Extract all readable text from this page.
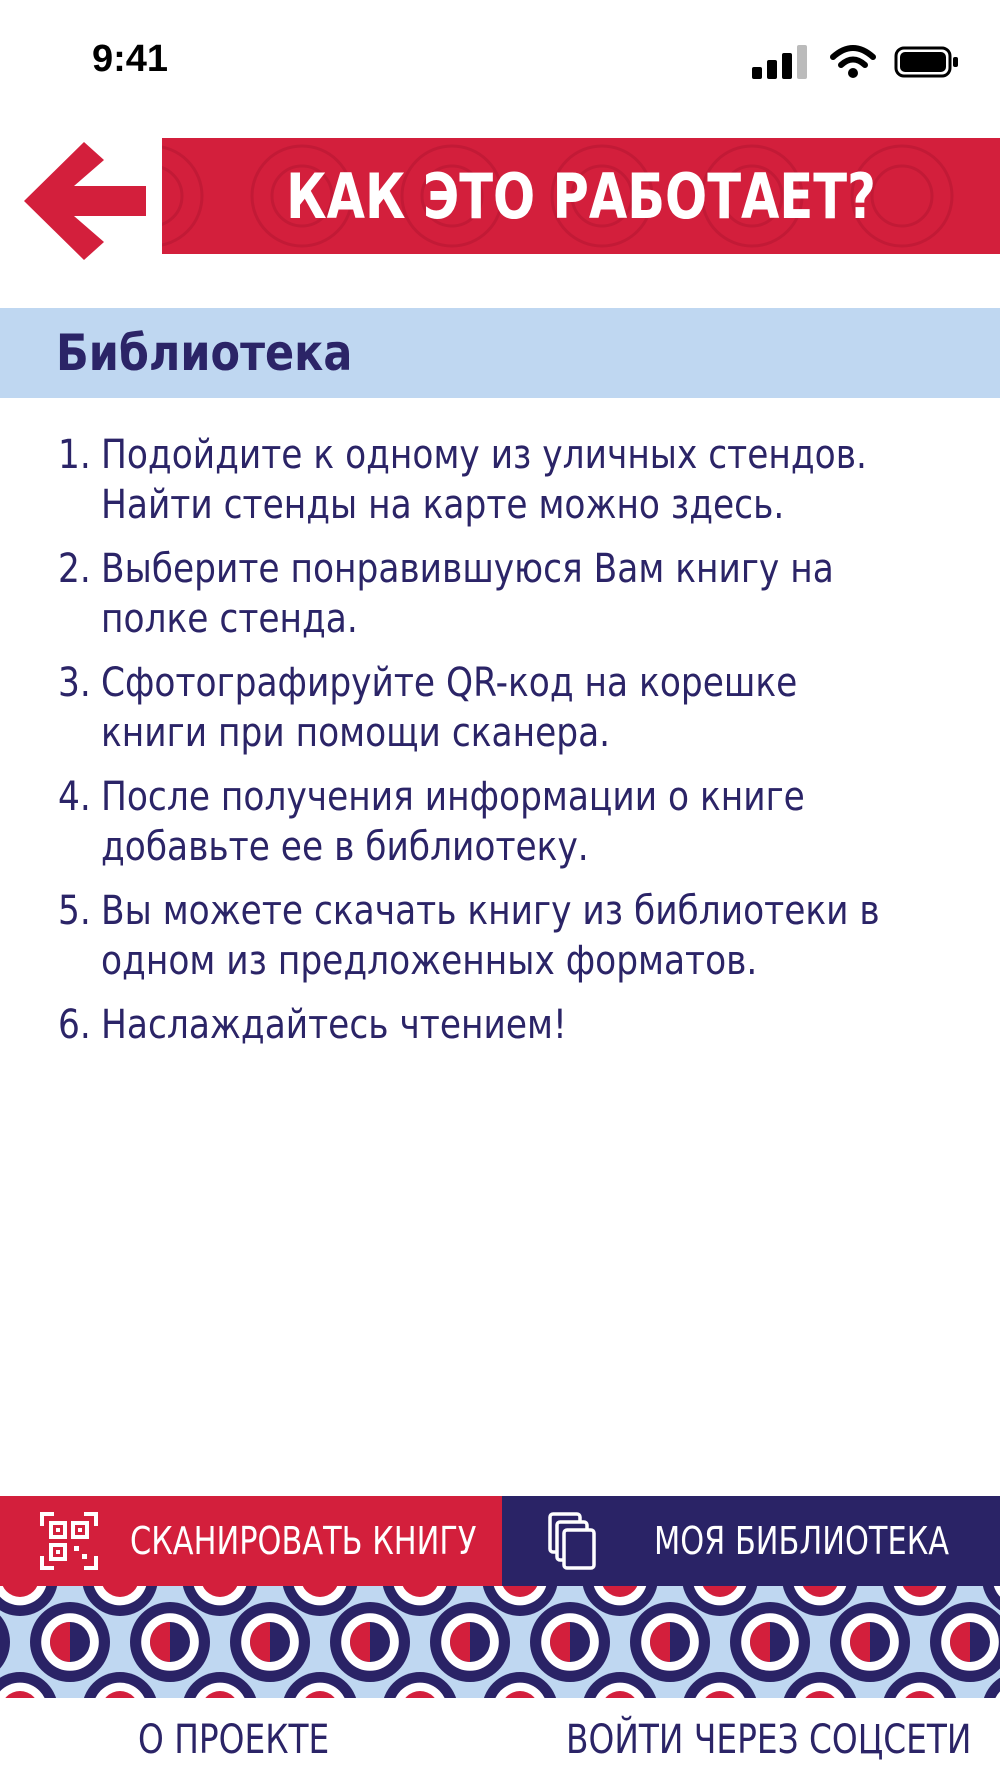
9:41
КАК ЭТО РАБОТАЕТ?
Библиотека
1. Подойдите к одному из уличных стендов.
Найти стенды на карте можно здесь.
2. Выберите понравившуюся Вам книгу на
полке стенда.
3. Сфотографируйте QR-код на корешке
книги при помощи сканера.
4. После получения информации о книге
добавьте ее в библиотеку.
5. Вы можете скачать книгу из библиотеки в
одном из предложенных форматов.
6. Наслаждайтесь чтением!
СКАНИРОВАТЬ КНИГУ	МОЯ БИБЛИОТЕКА
О ПРОЕКТЕ	ВОЙТИ ЧЕРЕЗ СОЦСЕТИ
